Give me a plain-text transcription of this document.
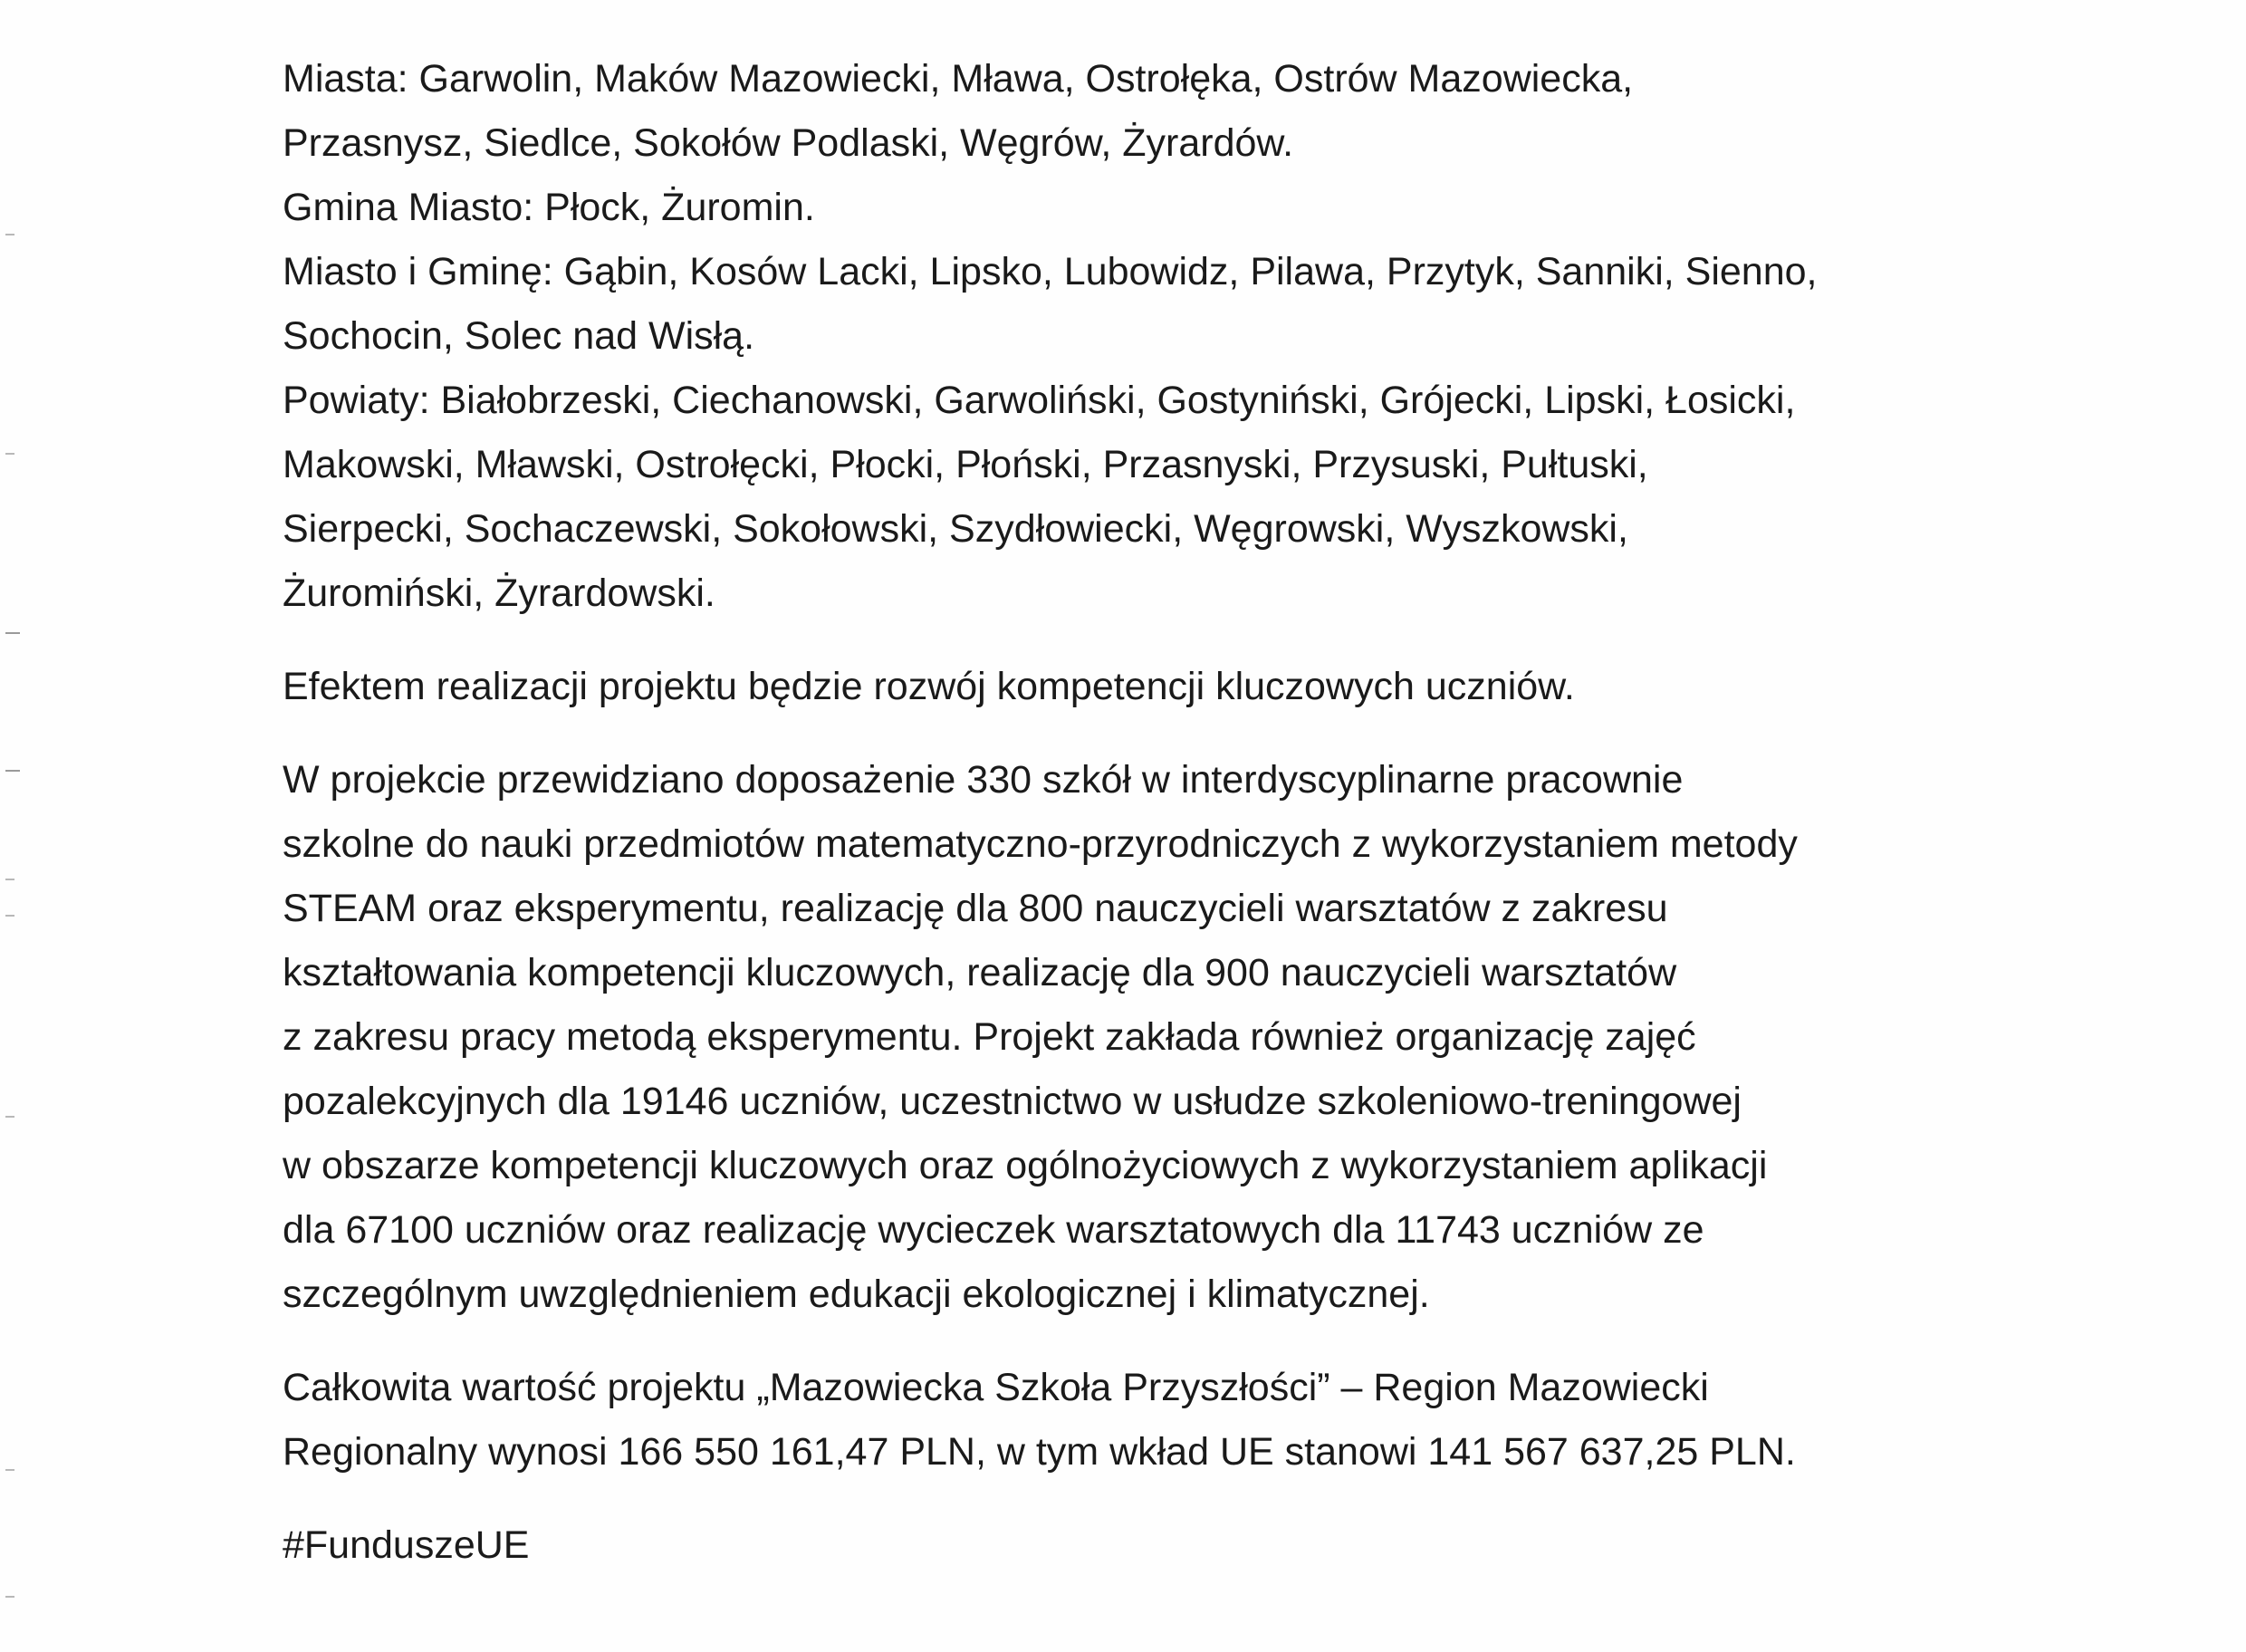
Miasta: Garwolin, Maków Mazowiecki, Mława, Ostrołęka, Ostrów Mazowiecka,
Przasnysz, Siedlce, Sokołów Podlaski, Węgrów, Żyrardów.
Gmina Miasto: Płock, Żuromin.
Miasto i Gminę: Gąbin, Kosów Lacki, Lipsko, Lubowidz, Pilawa, Przytyk, Sanniki, Sienno,
Sochocin, Solec nad Wisłą.
Powiaty: Białobrzeski, Ciechanowski, Garwoliński, Gostyniński, Grójecki, Lipski, Łosicki,
Makowski, Mławski, Ostrołęcki, Płocki, Płoński, Przasnyski, Przysuski, Pułtuski,
Sierpecki, Sochaczewski, Sokołowski, Szydłowiecki, Węgrowski, Wyszkowski,
Żuromiński, Żyrardowski.

Efektem realizacji projektu będzie rozwój kompetencji kluczowych uczniów.

W projekcie przewidziano doposażenie 330 szkół w interdyscyplinarne pracownie
szkolne do nauki przedmiotów matematyczno-przyrodniczych z wykorzystaniem metody
STEAM oraz eksperymentu, realizację dla 800 nauczycieli warsztatów z zakresu
kształtowania kompetencji kluczowych, realizację dla 900 nauczycieli warsztatów
z zakresu pracy metodą eksperymentu. Projekt zakłada również organizację zajęć
pozalekcyjnych dla 19146 uczniów, uczestnictwo w usłudze szkoleniowo-treningowej
w obszarze kompetencji kluczowych oraz ogólnożyciowych z wykorzystaniem aplikacji
dla 67100 uczniów oraz realizację wycieczek warsztatowych dla 11743 uczniów ze
szczególnym uwzględnieniem edukacji ekologicznej i klimatycznej.

Całkowita wartość projektu „Mazowiecka Szkoła Przyszłości” – Region Mazowiecki
Regionalny wynosi 166 550 161,47 PLN, w tym wkład UE stanowi 141 567 637,25 PLN.

#FunduszeUE
